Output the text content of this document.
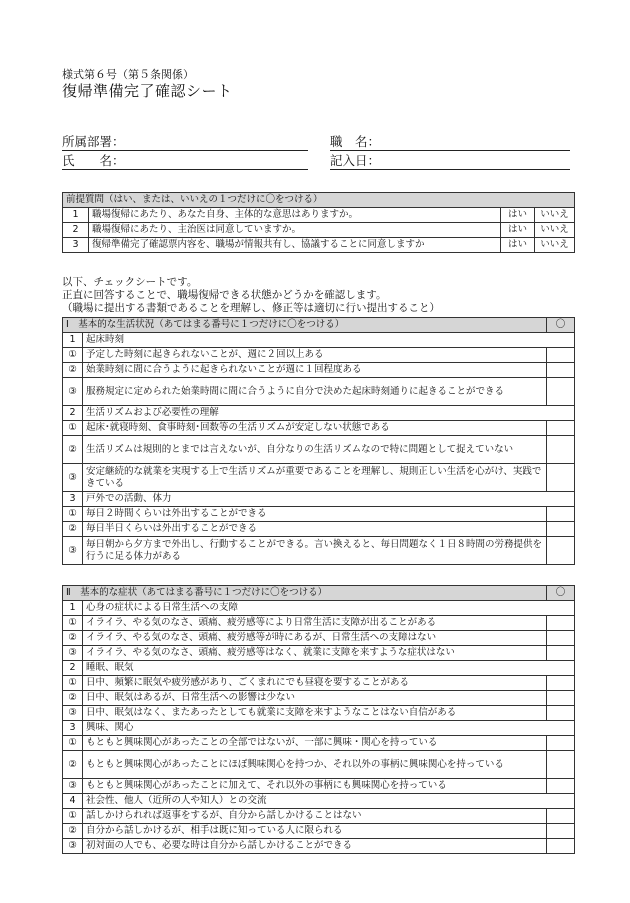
様式第６号（第５条関係）
復帰準備完了確認シート
所属部署：	職　名：
氏　　名：	記入日：
前提質問（はい、または、いいえの１つだけに〇をつける）			
1	職場復帰にあたり、あなた自身、主体的な意思はありますか。	はい	いいえ
2	職場復帰にあたり、主治医は同意していますか。	はい	いいえ
3	復帰準備完了確認票内容を、職場が情報共有し、協議することに同意しますか	はい	いいえ
以下、チェックシートです。
正直に回答することで、職場復帰できる状態かどうかを確認します。
（職場に提出する書類であることを理解し、修正等は適切に行い提出すること）
Ⅰ　基本的な生活状況（あてはまる番号に１つだけに〇をつける）		〇
1	起床時刻	
①	予定した時刻に起きられないことが、週に２回以上ある	
②	始業時刻に間に合うように起きられないことが週に１回程度ある	
③	服務規定に定められた始業時間に間に合うように自分で決めた起床時刻通りに起きることができる	
2	生活リズムおよび必要性の理解	
①	起床･就寝時刻、食事時刻･回数等の生活リズムが安定しない状態である	
②	生活リズムは規則的とまでは言えないが、自分なりの生活リズムなので特に問題として捉えていない	
③	安定継続的な就業を実現する上で生活リズムが重要であることを理解し、規則正しい生活を心がけ、実践できている	
3	戸外での活動、体力	
①	毎日２時間くらいは外出することができる	
②	毎日半日くらいは外出することができる	
③	毎日朝から夕方まで外出し、行動することができる。言い換えると、毎日問題なく１日８時間の労務提供を行うに足る体力がある	
Ⅱ　基本的な症状（あてはまる番号に１つだけに〇をつける）		〇
1	心身の症状による日常生活への支障	
①	イライラ、やる気のなさ、頭痛、疲労感等により日常生活に支障が出ることがある	
②	イライラ、やる気のなさ、頭痛、疲労感等が時にあるが、日常生活への支障はない	
③	イライラ、やる気のなさ、頭痛、疲労感等はなく、就業に支障を来すような症状はない	
2	睡眠、眠気	
①	日中、頻繁に眠気や疲労感があり、ごくまれにでも昼寝を要することがある	
②	日中、眠気はあるが、日常生活への影響は少ない	
③	日中、眠気はなく、またあったとしても就業に支障を来すようなことはない自信がある	
3	興味、関心	
①	もともと興味関心があったことの全部ではないが、一部に興味・関心を持っている	
②	もともと興味関心があったことにほぼ興味関心を持つか、それ以外の事柄に興味関心を持っている	
③	もともと興味関心があったことに加えて、それ以外の事柄にも興味関心を持っている	
4	社会性、他人（近所の人や知人）との交流	
①	話しかけられれば返事をするが、自分から話しかけることはない	
②	自分から話しかけるが、相手は既に知っている人に限られる	
③	初対面の人でも、必要な時は自分から話しかけることができる	
